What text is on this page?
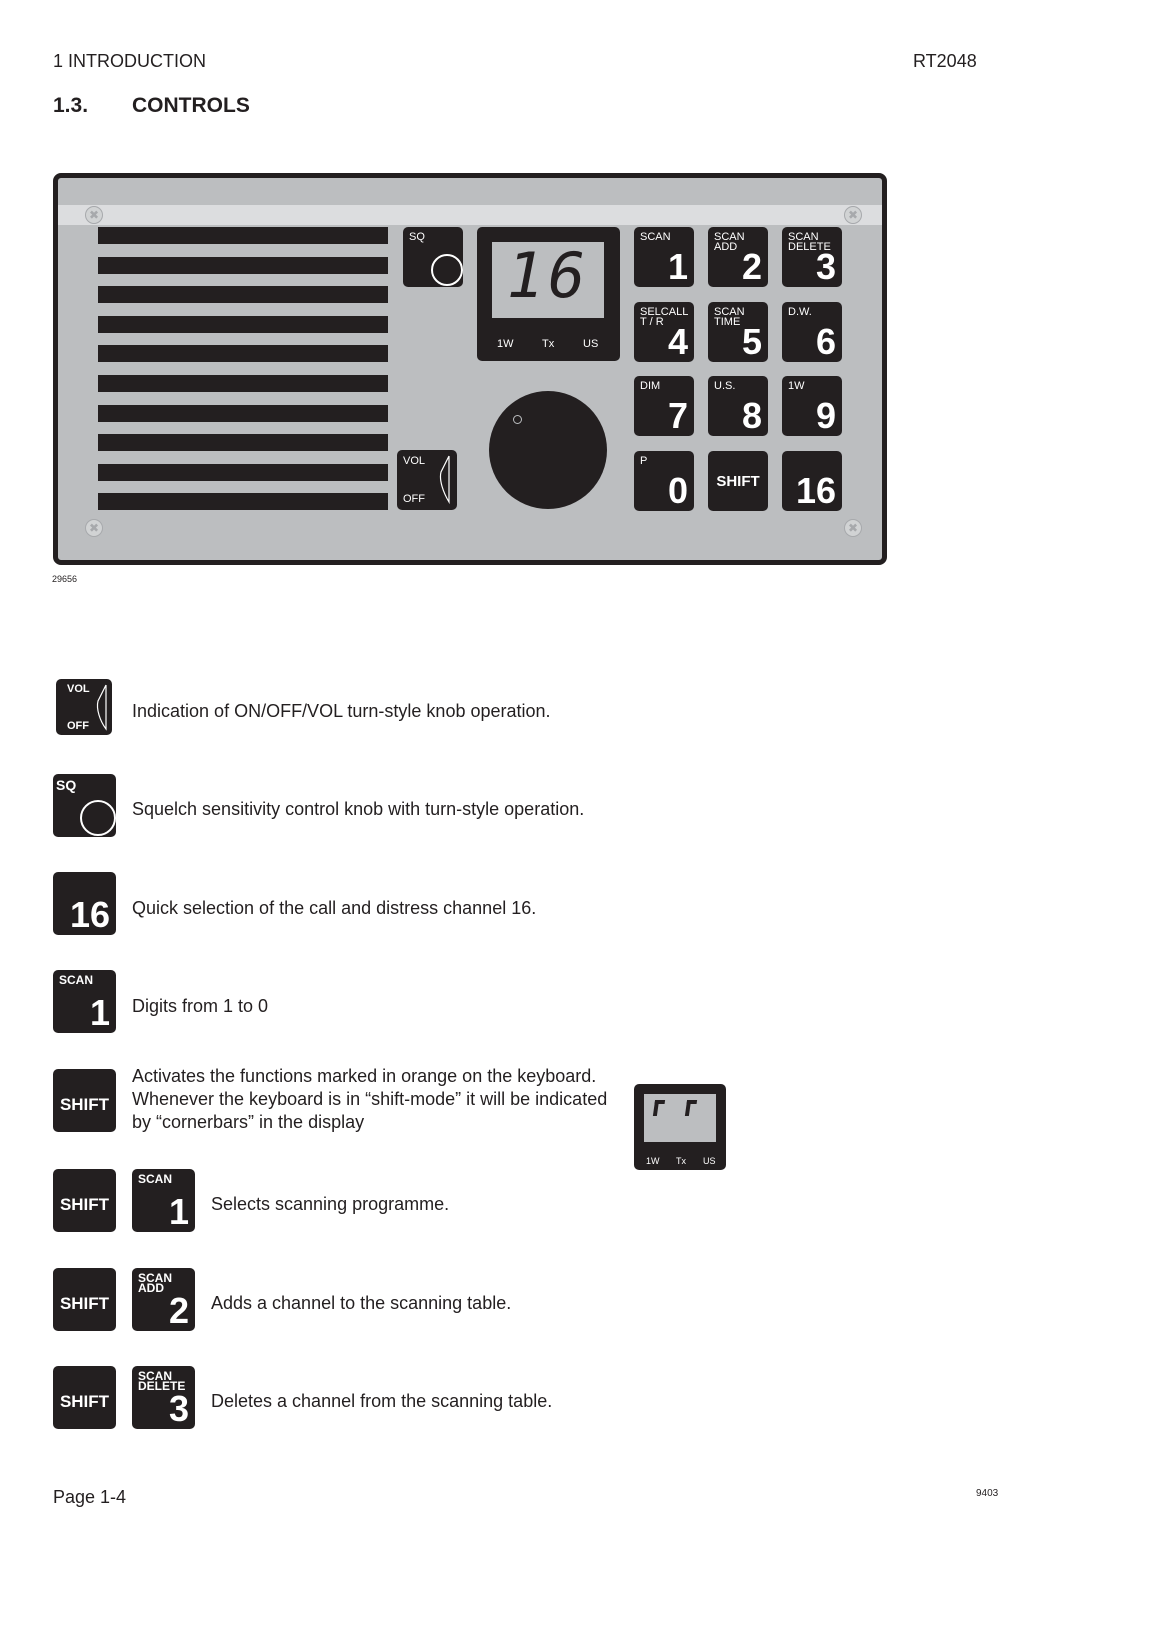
1 INTRODUCTION	RT2048
1.3. CONTROLS
✖	✖
✖	✖
SQ
16
1W	Tx	US
VOL
OFF
SCAN
1
SCAN ADD 2
SCAN DELETE
3
SELCALL T / R 4
SCAN TIME 5
D.W.
6
DIM
7
U.S.
8
1W
9
P
0	SHIFT 16
29656
VOL
OFF
Indication of ON/OFF/VOL turn-style knob operation.
SQ
Squelch sensitivity control knob with turn-style operation.
16 Quick selection of the call and distress channel 16.
SCAN
1 Digits from 1 to 0
SHIFT
Activates the functions marked in orange on the keyboard. Whenever the keyboard is in “shift-mode” it will be indicated by “cornerbars” in the display
1W Tx US
SHIFT
SCAN
1 Selects scanning programme.
SHIFT
SCAN ADD
2 Adds a channel to the scanning table.
SHIFT
SCAN DELETE
3 Deletes a channel from the scanning table.
Page 1-4	9403
